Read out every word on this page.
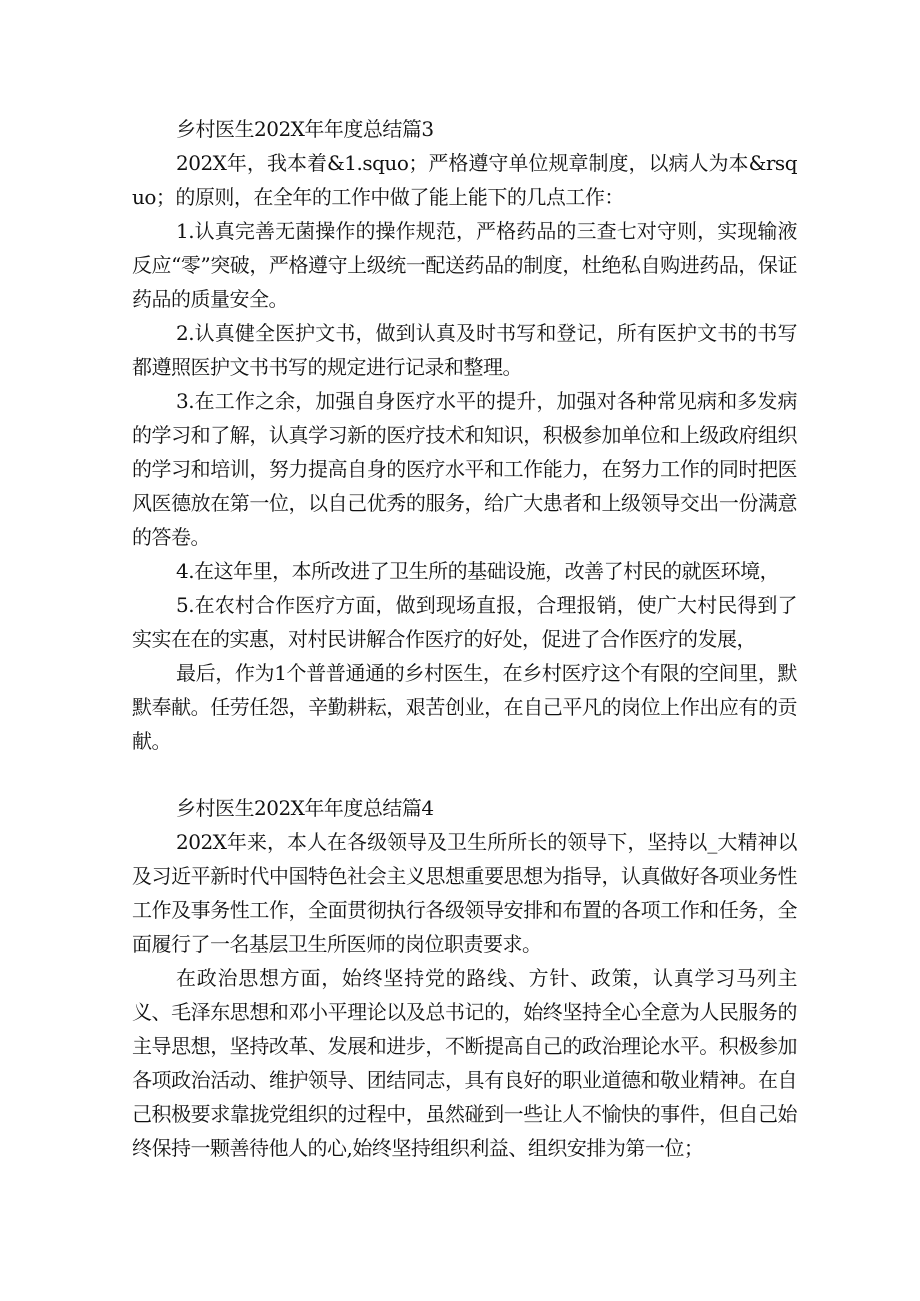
乡村医生202X年年度总结篇3

202X年，我本着&1.squo；严格遵守单位规章制度，以病人为本&rsquo；的原则，在全年的工作中做了能上能下的几点工作：

1.认真完善无菌操作的操作规范，严格药品的三查七对守则，实现输液反应“零”突破，严格遵守上级统一配送药品的制度，杜绝私自购进药品，保证药品的质量安全。

2.认真健全医护文书，做到认真及时书写和登记，所有医护文书的书写都遵照医护文书书写的规定进行记录和整理。

3.在工作之余，加强自身医疗水平的提升，加强对各种常见病和多发病的学习和了解，认真学习新的医疗技术和知识，积极参加单位和上级政府组织的学习和培训，努力提高自身的医疗水平和工作能力，在努力工作的同时把医风医德放在第一位，以自己优秀的服务，给广大患者和上级领导交出一份满意的答卷。

4.在这年里，本所改进了卫生所的基础设施，改善了村民的就医环境，

5.在农村合作医疗方面，做到现场直报，合理报销，使广大村民得到了实实在在的实惠，对村民讲解合作医疗的好处，促进了合作医疗的发展，

最后，作为1个普普通通的乡村医生，在乡村医疗这个有限的空间里，默默奉献。任劳任怨，辛勤耕耘，艰苦创业，在自己平凡的岗位上作出应有的贡献。

乡村医生202X年年度总结篇4

202X年来，本人在各级领导及卫生所所长的领导下，坚持以_大精神以及习近平新时代中国特色社会主义思想重要思想为指导，认真做好各项业务性工作及事务性工作，全面贯彻执行各级领导安排和布置的各项工作和任务，全面履行了一名基层卫生所医师的岗位职责要求。

在政治思想方面，始终坚持党的路线、方针、政策，认真学习马列主义、毛泽东思想和邓小平理论以及总书记的，始终坚持全心全意为人民服务的主导思想，坚持改革、发展和进步，不断提高自己的政治理论水平。积极参加各项政治活动、维护领导、团结同志，具有良好的职业道德和敬业精神。在自己积极要求靠拢党组织的过程中，虽然碰到一些让人不愉快的事件，但自己始终保持一颗善待他人的心,始终坚持组织利益、组织安排为第一位；
